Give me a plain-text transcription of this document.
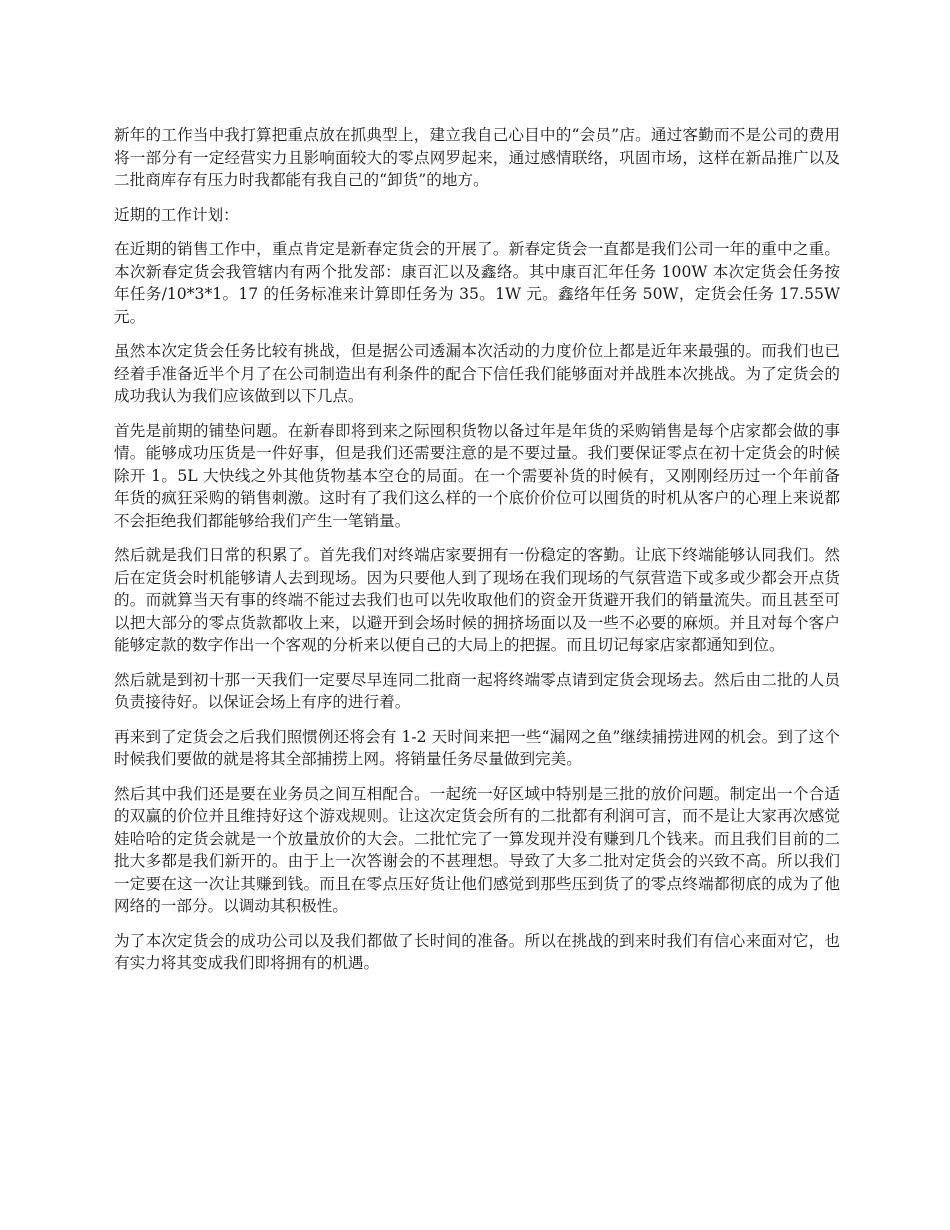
新年的工作当中我打算把重点放在抓典型上，建立我自己心目中的“会员”店。通过客勤而不是公司的费用将一部分有一定经营实力且影响面较大的零点网罗起来，通过感情联络，巩固市场，这样在新品推广以及二批商库存有压力时我都能有我自己的“卸货”的地方。

近期的工作计划：

在近期的销售工作中，重点肯定是新春定货会的开展了。新春定货会一直都是我们公司一年的重中之重。本次新春定货会我管辖内有两个批发部：康百汇以及鑫络。其中康百汇年任务 100W 本次定货会任务按年任务/10*3*1。17 的任务标准来计算即任务为 35。1W 元。鑫络年任务 50W，定货会任务 17.55W 元。

虽然本次定货会任务比较有挑战，但是据公司透漏本次活动的力度价位上都是近年来最强的。而我们也已经着手准备近半个月了在公司制造出有利条件的配合下信任我们能够面对并战胜本次挑战。为了定货会的成功我认为我们应该做到以下几点。

首先是前期的铺垫问题。在新春即将到来之际囤积货物以备过年是年货的采购销售是每个店家都会做的事情。能够成功压货是一件好事，但是我们还需要注意的是不要过量。我们要保证零点在初十定货会的时候除开 1。5L 大快线之外其他货物基本空仓的局面。在一个需要补货的时候有，又刚刚经历过一个年前备年货的疯狂采购的销售刺激。这时有了我们这么样的一个底价价位可以囤货的时机从客户的心理上来说都不会拒绝我们都能够给我们产生一笔销量。

然后就是我们日常的积累了。首先我们对终端店家要拥有一份稳定的客勤。让底下终端能够认同我们。然后在定货会时机能够请人去到现场。因为只要他人到了现场在我们现场的气氛营造下或多或少都会开点货的。而就算当天有事的终端不能过去我们也可以先收取他们的资金开货避开我们的销量流失。而且甚至可以把大部分的零点货款都收上来，以避开到会场时候的拥挤场面以及一些不必要的麻烦。并且对每个客户能够定款的数字作出一个客观的分析来以便自己的大局上的把握。而且切记每家店家都通知到位。

然后就是到初十那一天我们一定要尽早连同二批商一起将终端零点请到定货会现场去。然后由二批的人员负责接待好。以保证会场上有序的进行着。

再来到了定货会之后我们照惯例还将会有 1-2 天时间来把一些“漏网之鱼”继续捕捞进网的机会。到了这个时候我们要做的就是将其全部捕捞上网。将销量任务尽量做到完美。

然后其中我们还是要在业务员之间互相配合。一起统一好区域中特别是三批的放价问题。制定出一个合适的双赢的价位并且维持好这个游戏规则。让这次定货会所有的二批都有利润可言，而不是让大家再次感觉娃哈哈的定货会就是一个放量放价的大会。二批忙完了一算发现并没有赚到几个钱来。而且我们目前的二批大多都是我们新开的。由于上一次答谢会的不甚理想。导致了大多二批对定货会的兴致不高。所以我们一定要在这一次让其赚到钱。而且在零点压好货让他们感觉到那些压到货了的零点终端都彻底的成为了他网络的一部分。以调动其积极性。

为了本次定货会的成功公司以及我们都做了长时间的准备。所以在挑战的到来时我们有信心来面对它，也有实力将其变成我们即将拥有的机遇。
